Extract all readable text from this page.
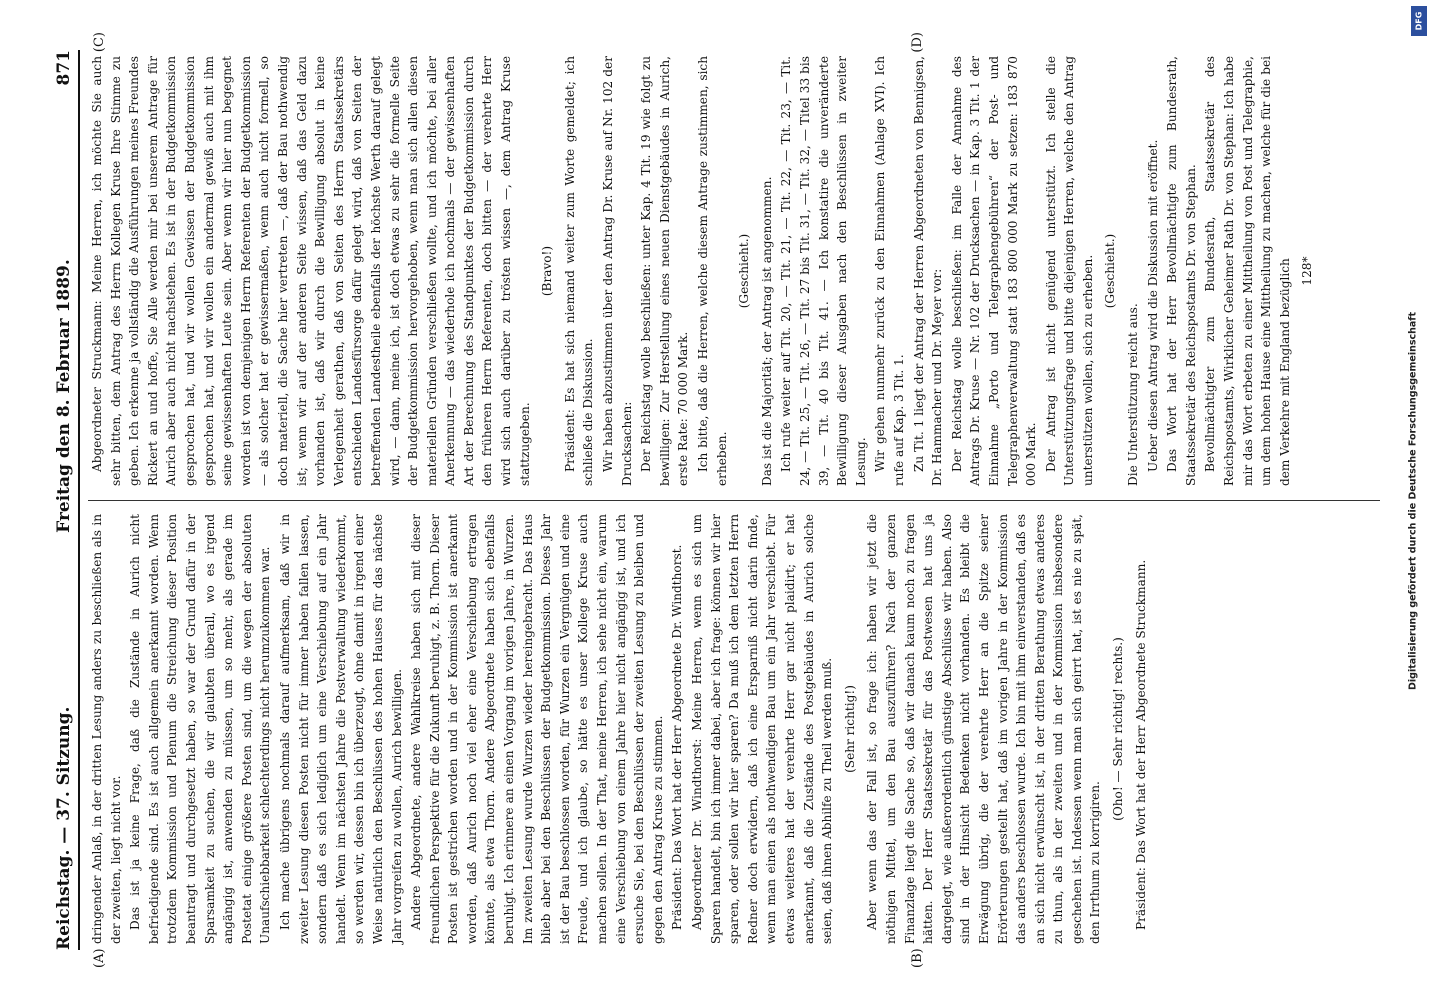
Reichstag. — 37. Sitzung.
Freitag den 8. Februar 1889.
871
(A)	(B)
(C)	(D)

dringender Anlaß, in der dritten Lesung anders zu beschließen als in der zweiten, liegt nicht vor. Das ist ja keine Frage, daß die Zustände in Aurich nicht befriedigende sind. Es ist auch allgemein anerkannt worden. Wenn trotzdem Kommission und Plenum die Streichung dieser Position beantragt und durchgesetzt haben, so war der Grund dafür in der Sparsamkeit zu suchen, die wir glaubten überall, wo es irgend angängig ist, anwenden zu müssen, um so mehr, als gerade im Postetat einige größere Posten sind, um die wegen der absoluten Unaufschiebbarkeit schlechterdings nicht herumzukommen war. Ich mache übrigens nochmals darauf aufmerksam, daß wir in zweiter Lesung diesen Posten nicht für immer haben fallen lassen, sondern daß es sich lediglich um eine Verschiebung auf ein Jahr handelt. Wenn im nächsten Jahre die Postverwaltung wiederkommt, so werden wir, dessen bin ich überzeugt, ohne damit in irgend einer Weise natürlich den Beschlüssen des hohen Hauses für das nächste Jahr vorgreifen zu wollen, Aurich bewilligen. Andere Abgeordnete, andere Wahlkreise haben sich mit dieser freundlichen Perspektive für die Zukunft beruhigt, z. B. Thorn. Dieser Posten ist gestrichen worden und in der Kommission ist anerkannt worden, daß Aurich noch viel eher eine Verschiebung ertragen könnte, als etwa Thorn. Andere Abgeordnete haben sich ebenfalls beruhigt. Ich erinnere an einen Vorgang im vorigen Jahre, in Wurzen. Im zweiten Lesung wurde Wurzen wieder hereingebracht. Das Haus blieb aber bei den Beschlüssen der Budgetkommission. Dieses Jahr ist der Bau beschlossen worden, für Wurzen ein Vergnügen und eine Freude, und ich glaube, so hätte es unser Kollege Kruse auch machen sollen. In der That, meine Herren, ich sehe nicht ein, warum eine Verschiebung von einem Jahre hier nicht angängig ist, und ich ersuche Sie, bei den Beschlüssen der zweiten Lesung zu bleiben und gegen den Antrag Kruse zu stimmen. Präsident: Das Wort hat der Herr Abgeordnete Dr. Windthorst. Abgeordneter Dr. Windthorst: Meine Herren, wenn es sich um Sparen handelt, bin ich immer dabei, aber ich frage: können wir hier sparen, oder sollen wir hier sparen? Da muß ich dem letzten Herrn Redner doch erwidern, daß ich eine Ersparniß nicht darin finde, wenn man einen als nothwendigen Bau um ein Jahr verschiebt. Für etwas weiteres hat der verehrte Herr gar nicht plaidirt; er hat anerkannt, daß die Zustände des Postgebäudes in Aurich solche seien, daß ihnen Abhilfe zu Theil werden muß. (Sehr richtig!) Aber wenn das der Fall ist, so frage ich: haben wir jetzt die nöthigen Mittel, um den Bau auszuführen? Nach der ganzen Finanzlage liegt die Sache so, daß wir danach kaum noch zu fragen hätten. Der Herr Staatssekretär für das Postwesen hat uns ja dargelegt, wie außerordentlich günstige Abschlüsse wir haben. Also sind in der Hinsicht Bedenken nicht vorhanden. Es bleibt die Erwägung übrig, die der verehrte Herr an die Spitze seiner Erörterungen gestellt hat, daß im vorigen Jahre in der Kommission das anders beschlossen wurde. Ich bin mit ihm einverstanden, daß es an sich nicht erwünscht ist, in der dritten Berathung etwas anderes zu thun, als in der zweiten und in der Kommission insbesondere geschehen ist. Indessen wenn man sich geirrt hat, ist es nie zu spät, den Irrthum zu korrigiren.

(Oho! — Sehr richtig! rechts.) Präsident: Das Wort hat der Herr Abgeordnete Struckmann.

Abgeordneter Struckmann: Meine Herren, ich möchte Sie auch sehr bitten, dem Antrag des Herrn Kollegen Kruse Ihre Stimme zu geben. Ich erkenne ja vollständig die Ausführungen meines Freundes Rickert an und hoffe, Sie Alle werden mir bei unserem Antrage für Aurich aber auch nicht nachstehen. Es ist in der Budgetkommission gesprochen hat, und wir wollen Gewissen der Budgetkommission gesprochen hat, und wir wollen ein andermal gewiß auch mit ihm seine gewissenhaften Leute sein. Aber wenn wir hier nun begegnet worden ist von demjenigen Herrn Referenten der Budgetkommission — als solcher hat er gewissermaßen, wenn auch nicht formell, so doch materiell, die Sache hier vertreten —, daß der Bau nothwendig ist; wenn wir auf der anderen Seite wissen, daß das Geld dazu vorhanden ist, daß wir durch die Bewilligung absolut in keine Verlegenheit gerathen, daß von Seiten des Herrn Staatssekretärs entschieden Landesfürsorge dafür gelegt wird, daß von Seiten der betreffenden Landestheile ebenfalls der höchste Werth darauf gelegt wird, — dann, meine ich, ist doch etwas zu sehr die formelle Seite der Budgetkommission hervorgehoben, wenn man sich allen diesen materiellen Gründen verschließen wollte, und ich möchte, bei aller Anerkennung — das wiederhole ich nochmals — der gewissenhaften Art der Berechnung des Standpunktes der Budgetkommission durch den früheren Herrn Referenten, doch bitten — der verehrte Herr wird sich auch darüber zu trösten wissen —, dem Antrag Kruse stattzugeben.

(Bravo!) Präsident: Es hat sich niemand weiter zum Worte gemeldet; ich schließe die Diskussion. Wir haben abzustimmen über den Antrag Dr. Kruse auf Nr. 102 der Drucksachen: Der Reichstag wolle beschließen: unter Kap. 4 Tit. 19 wie folgt zu bewilligen: Zur Herstellung eines neuen Dienstgebäudes in Aurich, erste Rate: 70 000 Mark. Ich bitte, daß die Herren, welche diesem Antrage zustimmen, sich erheben.

(Geschieht.) Das ist die Majorität; der Antrag ist angenommen. Ich rufe weiter auf Tit. 20, — Tit. 21, — Tit. 22, — Tit. 23, — Tit. 24, — Tit. 25, — Tit. 26, — Tit. 27 bis Tit. 31, — Tit. 32, — Titel 33 bis 39, — Tit. 40 bis Tit. 41. — Ich konstatire die unveränderte Bewilligung dieser Ausgaben nach den Beschlüssen in zweiter Lesung. Wir gehen nunmehr zurück zu den Einnahmen (Anlage XVI). Ich rufe auf Kap. 3 Tit. 1. Zu Tit. 1 liegt der Antrag der Herren Abgeordneten von Bennigsen, Dr. Hammacher und Dr. Meyer vor: Der Reichstag wolle beschließen: im Falle der Annahme des Antrags Dr. Kruse — Nr. 102 der Drucksachen — in Kap. 3 Tit. 1 der Einnahme „Porto und Telegraphengebühren“ der Post- und Telegraphenverwaltung statt 183 800 000 Mark zu setzen: 183 870 000 Mark. Der Antrag ist nicht genügend unterstützt. Ich stelle die Unterstützungsfrage und bitte diejenigen Herren, welche den Antrag unterstützen wollen, sich zu erheben. (Geschieht.)

Die Unterstützung reicht aus. Ueber diesen Antrag wird die Diskussion mit eröffnet. Das Wort hat der Herr Bevollmächtigte zum Bundesrath, Staatssekretär des Reichspostamts Dr. von Stephan. Bevollmächtigter zum Bundesrath, Staatssekretär des Reichspostamts, Wirklicher Geheimer Rath Dr. von Stephan: Ich habe mir das Wort erbeten zu einer Mittheilung von Post und Telegraphie, um dem hohen Hause eine Mittheilung zu machen, welche für die bei dem Verkehre mit England bezüglich 128*

Digitalisierung gefördert durch die Deutsche Forschungsgemeinschaft
DFG
